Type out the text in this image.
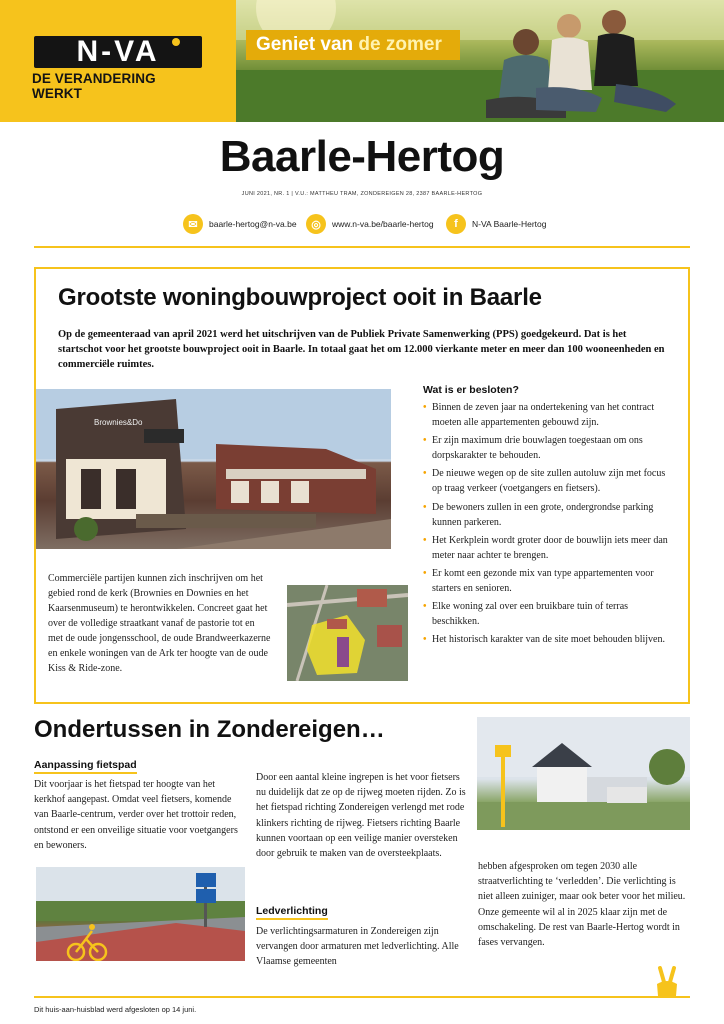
N-VA
DE VERANDERING WERKT
Geniet van de zomer
Baarle-Hertog
JUNI 2021, NR. 1 | V.U.: MATTHEU TRAM, ZONDEREIGEN 28, 2387 BAARLE-HERTOG
✉	baarle-hertog@n-va.be	◎	www.n-va.be/baarle-hertog	f	N-VA Baarle-Hertog
Grootste woningbouwproject ooit in Baarle
Op de gemeenteraad van april 2021 werd het uitschrijven van de Publiek Private Samenwerking (PPS) goedgekeurd. Dat is het startschot voor het grootste bouwproject ooit in Baarle. In totaal gaat het om 12.000 vierkante meter en meer dan 100 wooneenheden en commerciële ruimtes.
Brownies&Do
Commerciële partijen kunnen zich inschrijven om het gebied rond de kerk (Brownies en Downies en het Kaarsenmuseum) te herontwikkelen. Concreet gaat het over de volledige straatkant vanaf de pastorie tot en met de oude jongensschool, de oude Brandweerkazerne en enkele woningen van de Ark ter hoogte van de oude Kiss & Ride-zone.
Wat is er besloten?
• Binnen de zeven jaar na ondertekening van het contract moeten alle appartementen gebouwd zijn.
• Er zijn maximum drie bouwlagen toegestaan om ons dorpskarakter te behouden.
• De nieuwe wegen op de site zullen autoluw zijn met focus op traag verkeer (voetgangers en fietsers).
• De bewoners zullen in een grote, ondergrondse parking kunnen parkeren.
• Het Kerkplein wordt groter door de bouwlijn iets meer dan meter naar achter te brengen.
• Er komt een gezonde mix van type appartementen voor starters en senioren.
• Elke woning zal over een bruikbare tuin of terras beschikken.
• Het historisch karakter van de site moet behouden blijven.
Ondertussen in Zondereigen…
Aanpassing fietspad
Dit voorjaar is het fietspad ter hoogte van het kerkhof aangepast. Omdat veel fietsers, komende van Baarle-centrum, verder over het trottoir reden, ontstond er een onveilige situatie voor voetgangers en bewoners.
Door een aantal kleine ingrepen is het voor fietsers nu duidelijk dat ze op de rijweg moeten rijden. Zo is het fietspad richting Zondereigen verlengd met rode klinkers richting de rijweg. Fietsers richting Baarle kunnen voortaan op een veilige manier oversteken door gebruik te maken van de oversteekplaats.
Ledverlichting
De verlichtingsarmaturen in Zondereigen zijn vervangen door armaturen met ledverlichting. Alle Vlaamse gemeenten
hebben afgesproken om tegen 2030 alle straatverlichting te ‘verledden’. Die verlichting is niet alleen zuiniger, maar ook beter voor het milieu. Onze gemeente wil al in 2025 klaar zijn met de omschakeling. De rest van Baarle-Hertog wordt in fases vervangen.
Dit huis-aan-huisblad werd afgesloten op 14 juni.
